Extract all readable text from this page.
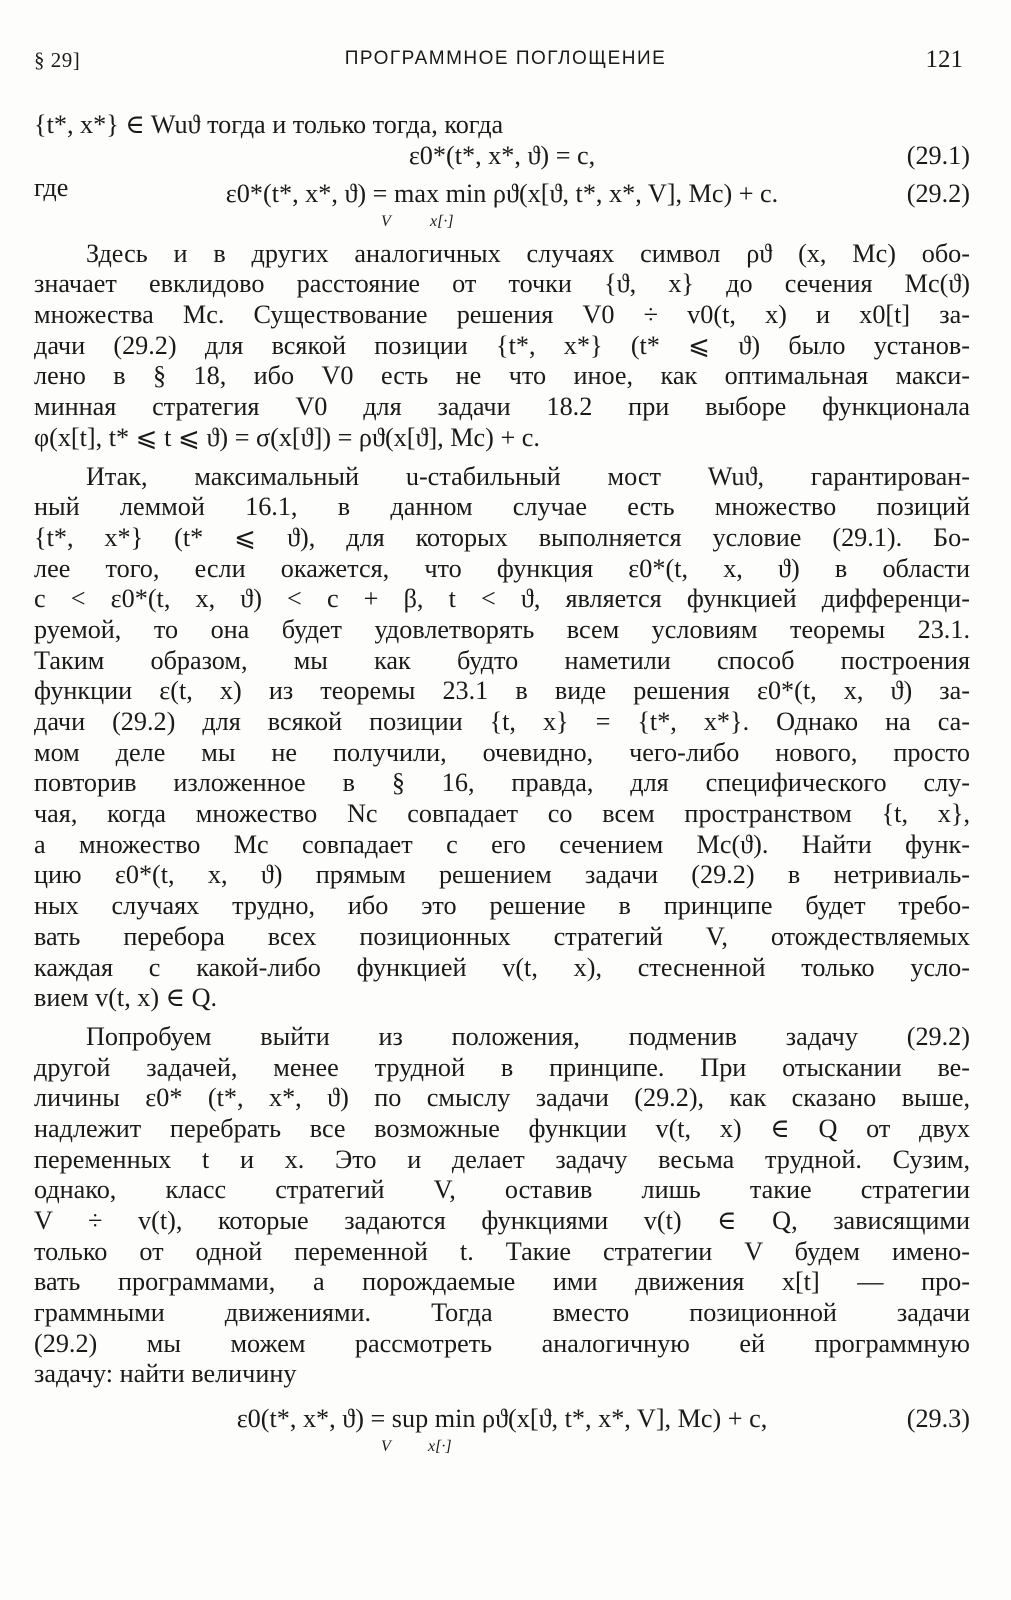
§ 29]	ПРОГРАММНОЕ ПОГЛОЩЕНИЕ	121
{t*, x*} ∈ Wuϑ тогда и только тогда, когда
ε0*(t*, x*, ϑ) = c,	(29.1)
где	ε0*(t*, x*, ϑ) = max min ρϑ(x[ϑ, t*, x*, V], Mc) + c.	(29.2)
V x[·]
Здесь и в других аналогичных случаях символ ρϑ (x, Mc) обо-
значает евклидово расстояние от точки {ϑ, x} до сечения Mc(ϑ)
множества Mc. Существование решения V0 ÷ v0(t, x) и x0[t] за-
дачи (29.2) для всякой позиции {t*, x*} (t* ⩽ ϑ) было установ-
лено в § 18, ибо V0 есть не что иное, как оптимальная макси-
минная стратегия V0 для задачи 18.2 при выборе функционала
φ(x[t], t* ⩽ t ⩽ ϑ) = σ(x[ϑ]) = ρϑ(x[ϑ], Mc) + c.
Итак, максимальный u-стабильный мост Wuϑ, гарантирован-
ный леммой 16.1, в данном случае есть множество позиций
{t*, x*} (t* ⩽ ϑ), для которых выполняется условие (29.1). Бо-
лее того, если окажется, что функция ε0*(t, x, ϑ) в области
c < ε0*(t, x, ϑ) < c + β, t < ϑ, является функцией дифференци-
руемой, то она будет удовлетворять всем условиям теоремы 23.1.
Таким образом, мы как будто наметили способ построения
функции ε(t, x) из теоремы 23.1 в виде решения ε0*(t, x, ϑ) за-
дачи (29.2) для всякой позиции {t, x} = {t*, x*}. Однако на са-
мом деле мы не получили, очевидно, чего-либо нового, просто
повторив изложенное в § 16, правда, для специфического слу-
чая, когда множество Nc совпадает со всем пространством {t, x},
а множество Mc совпадает с его сечением Mc(ϑ). Найти функ-
цию ε0*(t, x, ϑ) прямым решением задачи (29.2) в нетривиаль-
ных случаях трудно, ибо это решение в принципе будет требо-
вать перебора всех позиционных стратегий V, отождествляемых
каждая с какой-либо функцией v(t, x), стесненной только усло-
вием v(t, x) ∈ Q.
Попробуем выйти из положения, подменив задачу (29.2)
другой задачей, менее трудной в принципе. При отыскании ве-
личины ε0* (t*, x*, ϑ) по смыслу задачи (29.2), как сказано выше,
надлежит перебрать все возможные функции v(t, x) ∈ Q от двух
переменных t и x. Это и делает задачу весьма трудной. Сузим,
однако, класс стратегий V, оставив лишь такие стратегии
V ÷ v(t), которые задаются функциями v(t) ∈ Q, зависящими
только от одной переменной t. Такие стратегии V будем имено-
вать программами, а порождаемые ими движения x[t] — про-
граммными движениями. Тогда вместо позиционной задачи
(29.2) мы можем рассмотреть аналогичную ей программную
задачу: найти величину
ε0(t*, x*, ϑ) = sup min ρϑ(x[ϑ, t*, x*, V], Mc) + c,	(29.3)
V x[·]
